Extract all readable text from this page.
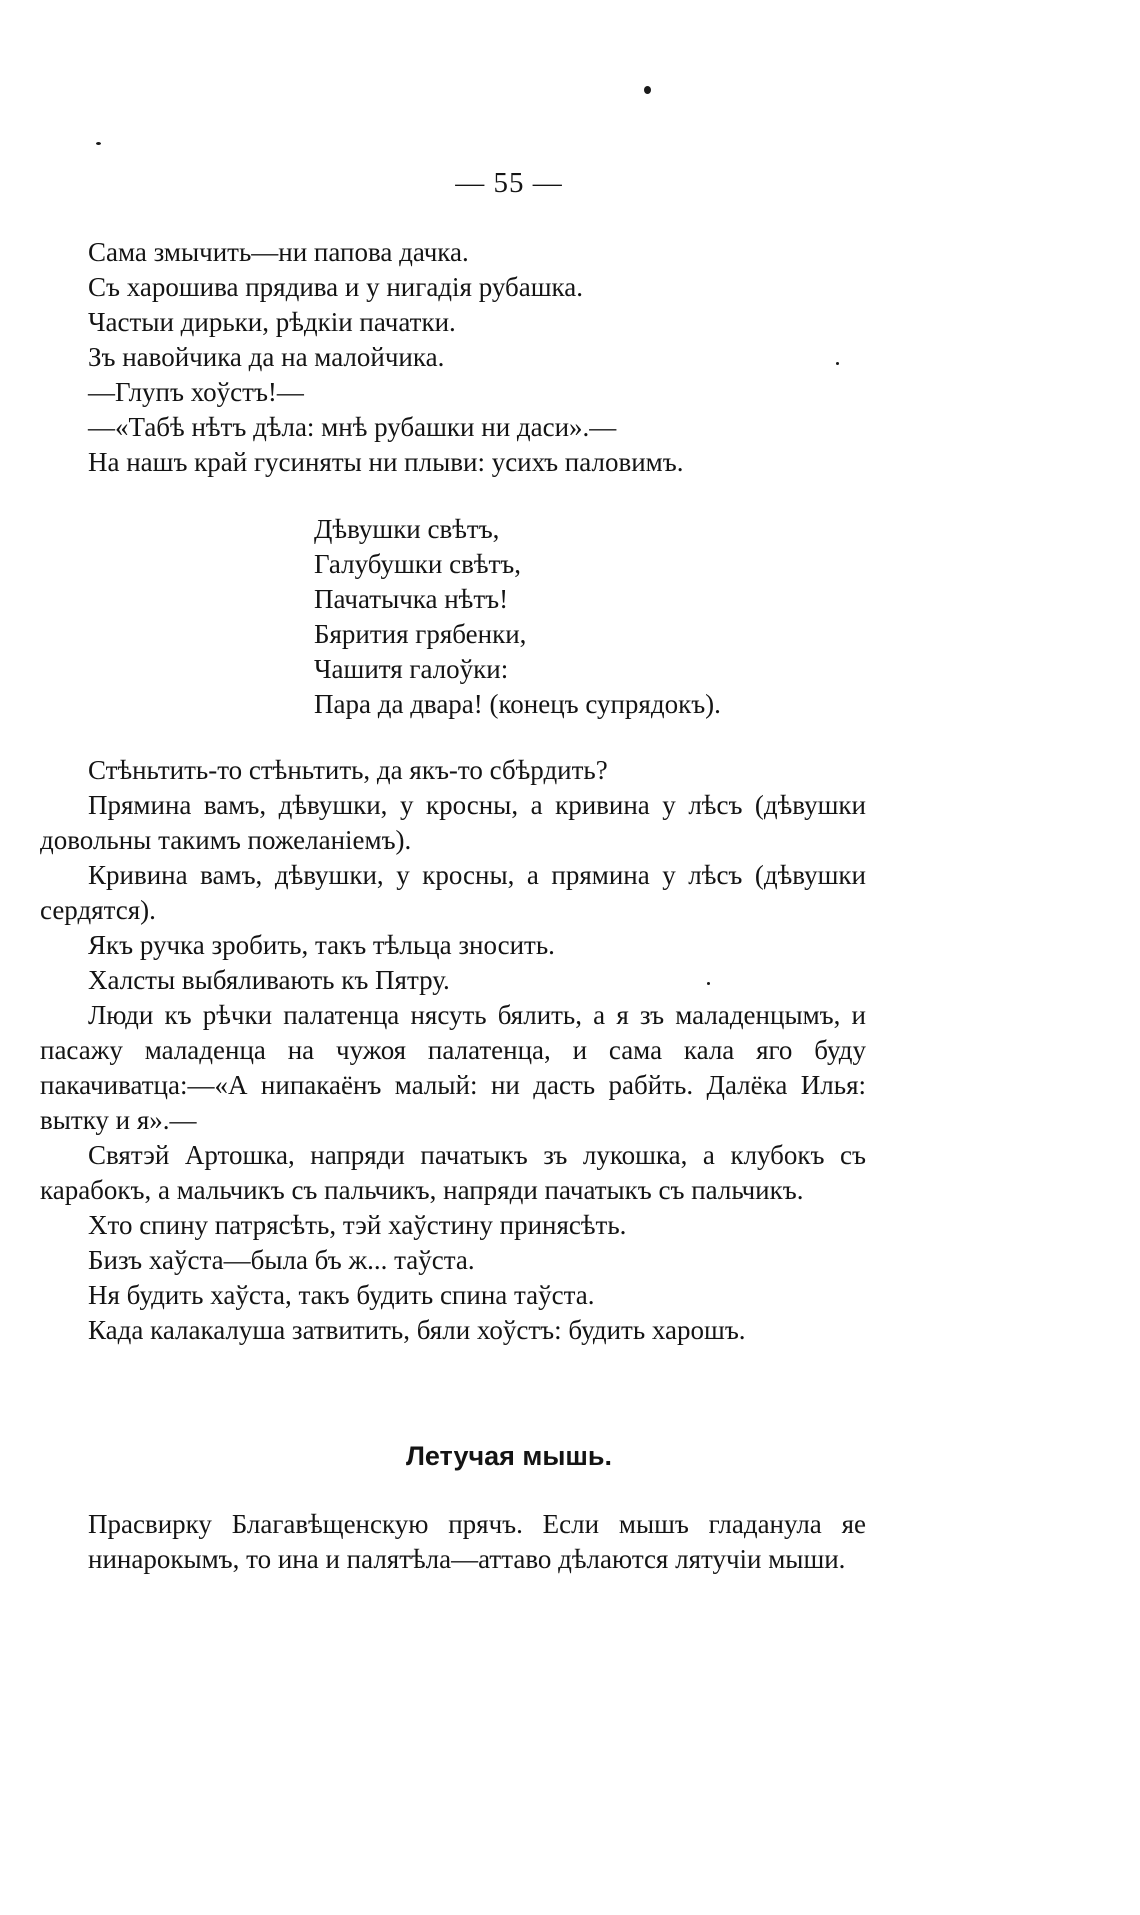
— 55 —
Сама змычить—ни папова дачка.
Съ харошива прядива и у нигадія рубашка.
Частыи дирьки, рѣдкiи пачатки.
Зъ навойчика да на малойчика.
—Глупъ хоўстъ!—
—«Табѣ нѣтъ дѣла: мнѣ рубашки ни даси».—
На нашъ край гусиняты ни плыви: усихъ паловимъ.
Дѣвушки свѣтъ,
Галубушки свѣтъ,
Пачатычка нѣтъ!
Бярития грябенки,
Чашитя галоўки:
Пара да двара! (конецъ супрядокъ).

Стѣньтить-то стѣньтить, да якъ-то сбѣрдить?

Прямина вамъ, дѣвушки, у кросны, а кривина у лѣсъ (дѣвушки довольны такимъ пожеланiемъ).

Кривина вамъ, дѣвушки, у кросны, а прямина у лѣсъ (дѣвушки сердятся).

Якъ ручка зробить, такъ тѣльца зносить.

Халсты выбяливають къ Пятру.

Люди къ рѣчки палатенца нясуть бялить, а я зъ маладенцымъ, и пасажу маладенца на чужоя палатенца, и сама кала яго буду пакачиватца:—«А нипакаёнъ малый: ни дасть рабйть. Далёка Илья: вытку и я».—

Святэй Артошка, напряди пачатыкъ зъ лукошка, а клубокъ съ карабокъ, а мальчикъ съ пальчикъ, напряди пачатыкъ съ пальчикъ.

Хто спину патрясѣть, тэй хаўстину принясѣть.

Бизъ хаўста—была бъ ж... таўста.

Ня будить хаўста, такъ будить спина таўста.

Када калакалуша затвитить, бяли хоўстъ: будить харошъ.

Летучая мышь.
Прасвирку Благавѣщенскую прячъ. Если мышъ гладанула яе нинарокымъ, то ина и палятѣла—аттаво дѣлаются лятучiи мыши.
